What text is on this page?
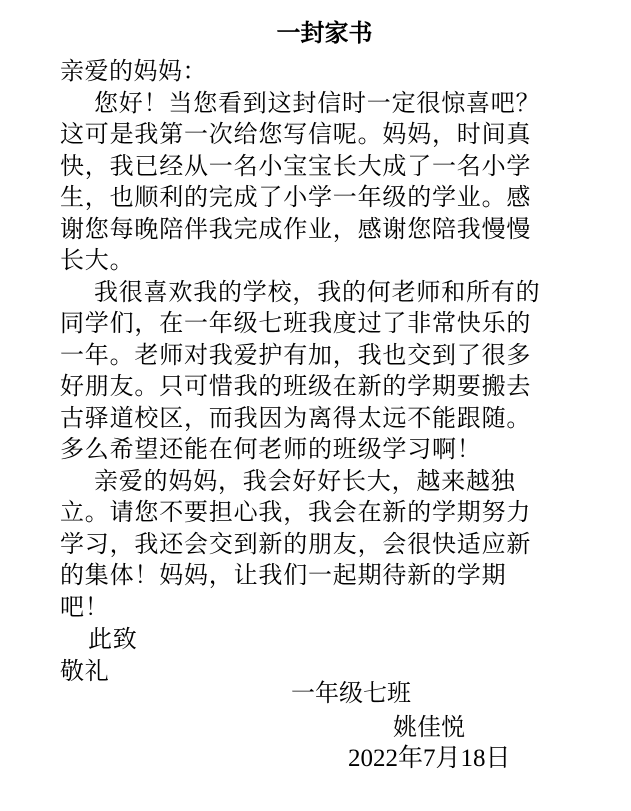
一封家书
亲爱的妈妈：
您好！当您看到这封信时一定很惊喜吧？
这可是我第一次给您写信呢。妈妈，时间真
快，我已经从一名小宝宝长大成了一名小学
生，也顺利的完成了小学一年级的学业。感
谢您每晚陪伴我完成作业，感谢您陪我慢慢
长大。
我很喜欢我的学校，我的何老师和所有的
同学们，在一年级七班我度过了非常快乐的
一年。老师对我爱护有加，我也交到了很多
好朋友。只可惜我的班级在新的学期要搬去
古驿道校区，而我因为离得太远不能跟随。
多么希望还能在何老师的班级学习啊！
亲爱的妈妈，我会好好长大，越来越独
立。请您不要担心我，我会在新的学期努力
学习，我还会交到新的朋友，会很快适应新
的集体！妈妈，让我们一起期待新的学期
吧！
此致
敬礼
一年级七班
姚佳悦
2022年7月18日
